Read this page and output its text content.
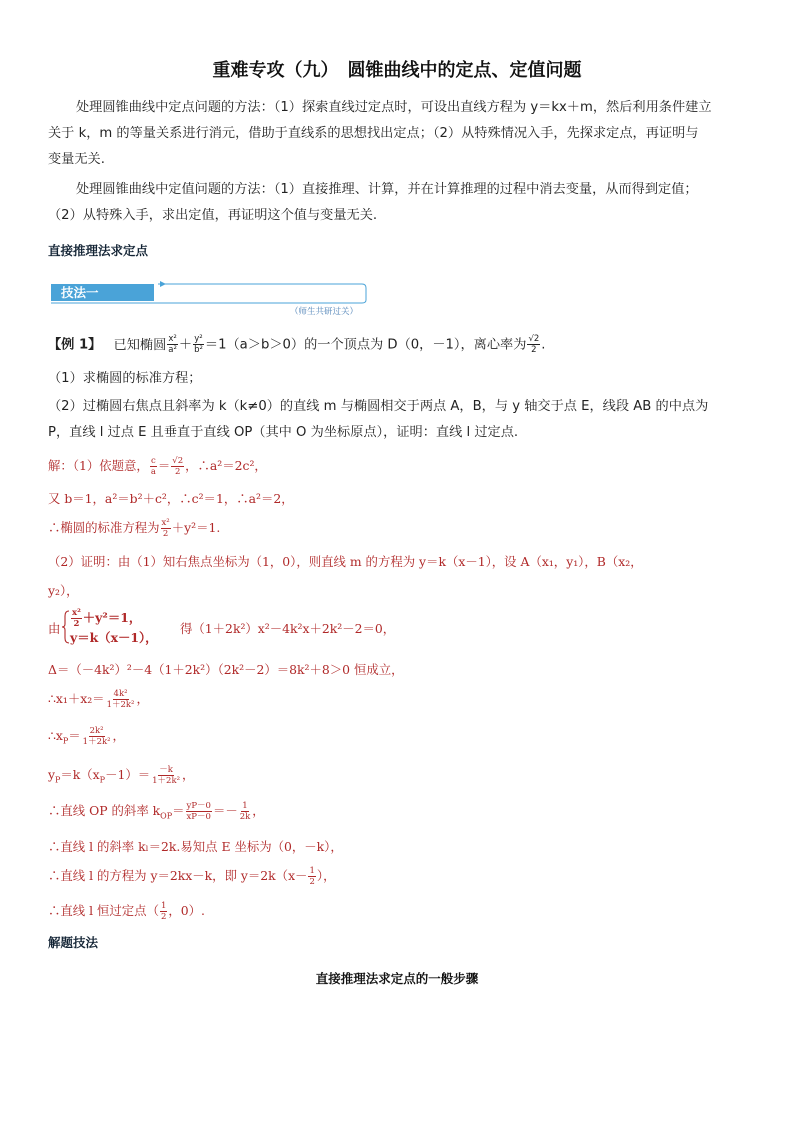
重难专攻（九）　圆锥曲线中的定点、定值问题
处理圆锥曲线中定点问题的方法：（1）探索直线过定点时，可设出直线方程为 y＝kx＋m，然后利用条件建立
关于 k，m 的等量关系进行消元，借助于直线系的思想找出定点；（2）从特殊情况入手，先探求定点，再证明与
变量无关.
处理圆锥曲线中定值问题的方法：（1）直接推理、计算，并在计算推理的过程中消去变量，从而得到定值；
（2）从特殊入手，求出定值，再证明这个值与变量无关.
直接推理法求定点
技法一
（师生共研过关）
【例 1】 已知椭圆 $\frac{\text{x²}}{\text{a²}} + \frac{\text{y²}}{\text{b²}} =1(a>b>0)$的一个顶点为 D（0，－1），离心率为 $\frac{√2}{2}$ .
（1）求椭圆的标准方程；
（2）过椭圆右焦点且斜率为 k（k≠0）的直线 m 与椭圆相交于两点 A，B，与 y 轴交于点 E，线段 AB 的中点为
P，直线 l 过点 E 且垂直于直线 OP（其中 O 为坐标原点），证明：直线 l 过定点.
解：（1）依题意， $\frac{c}{a} = \frac{√2}{2}$ ，∴a²＝2c²，
又 b＝1，a²＝b²＋c²，∴c²＝1，∴a²＝2，
∴椭圆的标准方程为 $\frac{\text{x²}}{2} +y^2=1$.
（2）证明：由（1）知右焦点坐标为（1，0），则直线 m 的方程为 y＝k（x－1），设 A（x₁，y₁），B（x₂，
y₂），
由 $\frac{\text{x²}}{2} +y^2=1$，
y＝k（x－1），
得（1＋2k²）x²－4k²x＋2k²－2＝0，
Δ＝（－4k²）²－4（1＋2k²）（2k²－2）＝8k²＋8＞0 恒成立，
∴x₁＋x₂＝ $\frac{\text{4k²}}{\text{1＋2k²}}$ ，
$\therefore x_P= \frac{\text{2k²}}{\text{1＋2k²}}$ ，
$y_P=k(x_P-1)= \frac{-k}{\text{1＋2k²}}$ ，
∴直线 OP 的斜率 $k_{OP}= \frac{yP-0}{xP-0} =- \frac{1}{2k}$ ，
∴直线 l 的斜率 kₗ＝2k.易知点 E 坐标为（0，－k），
∴直线 l 的方程为 y＝2kx－k，即 $y=2k(x- \frac{1}{2}$ ），
∴直线 l 恒过定点（ $\frac{1}{2}$ ，0）.
解题技法
直接推理法求定点的一般步骤
